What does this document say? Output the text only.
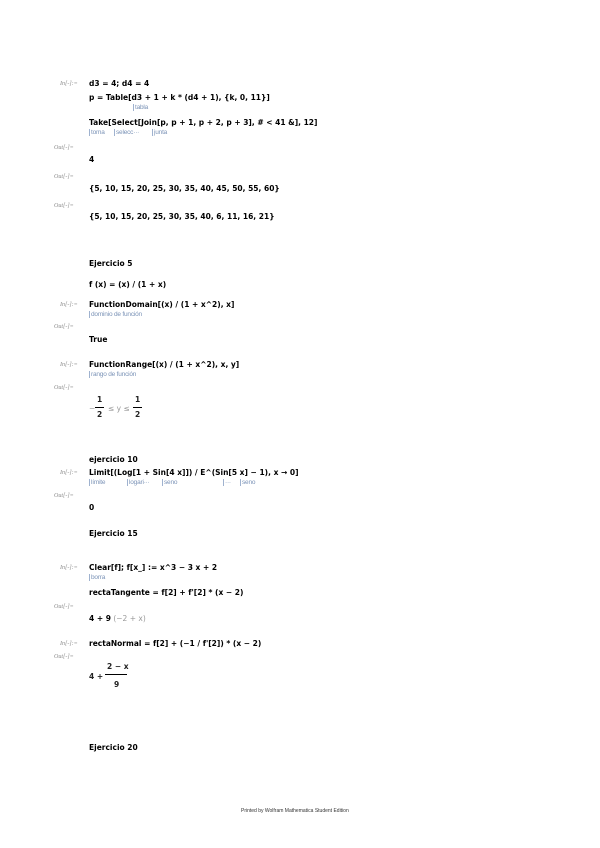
In[-]:= d3 = 4; d4 = 4
p = Table[d3 + 1 + k * (d4 + 1), {k, 0, 11}]
tabla
Take[Select[Join[p, p + 1, p + 2, p + 3], # < 41 &], 12]
toma	selecc···	junta
Out[-]=
4
Out[-]=
{5, 10, 15, 20, 25, 30, 35, 40, 45, 50, 55, 60}
Out[-]=
{5, 10, 15, 20, 25, 30, 35, 40, 6, 11, 16, 21}
Ejercicio 5
f (x) = (x) / (1 + x)
In[-]:= FunctionDomain[(x) / (1 + x^2), x]
dominio de función
Out[-]=
True
In[-]:= FunctionRange[(x) / (1 + x^2), x, y]
rango de función
Out[-]=
−
1
2
≤ y ≤
1
2
ejercicio 10
In[-]:= Limit[(Log[1 + Sin[4 x]]) / E^(Sin[5 x] − 1), x → 0]
límite	logari···	seno	···	seno
Out[-]=
0
Ejercicio 15
In[-]:= Clear[f]; f[x_] := x^3 − 3 x + 2
borra
rectaTangente = f[2] + f'[2] * (x − 2)
Out[-]=
4 + 9 (−2 + x)
In[-]:= rectaNormal = f[2] + (−1 / f'[2]) * (x − 2)
Out[-]=
4 +
2 − x
9
Ejercicio 20
Printed by Wolfram Mathematica Student Edition
